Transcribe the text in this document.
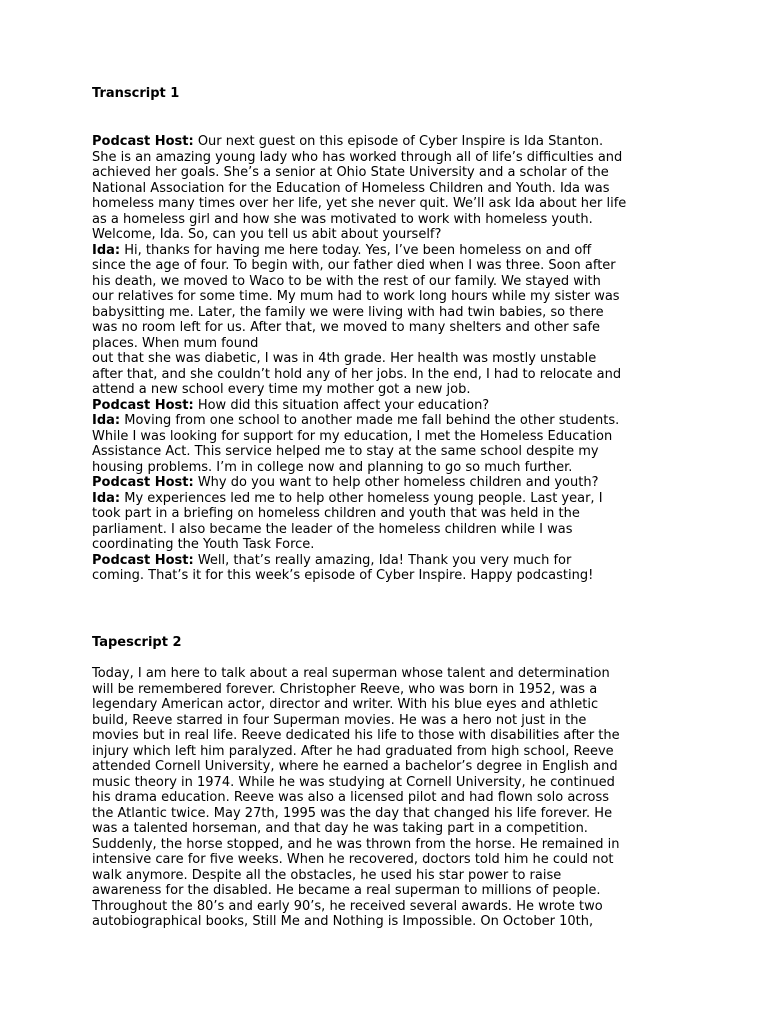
Transcript 1
Podcast Host: Our next guest on this episode of Cyber Inspire is Ida Stanton.
She is an amazing young lady who has worked through all of life’s difficulties and
achieved her goals. She’s a senior at Ohio State University and a scholar of the
National Association for the Education of Homeless Children and Youth. Ida was
homeless many times over her life, yet she never quit. We’ll ask Ida about her life
as a homeless girl and how she was motivated to work with homeless youth.
Welcome, Ida. So, can you tell us abit about yourself?
Ida: Hi, thanks for having me here today. Yes, I’ve been homeless on and off
since the age of four. To begin with, our father died when I was three. Soon after
his death, we moved to Waco to be with the rest of our family. We stayed with
our relatives for some time. My mum had to work long hours while my sister was
babysitting me. Later, the family we were living with had twin babies, so there
was no room left for us. After that, we moved to many shelters and other safe
places. When mum found
out that she was diabetic, I was in 4th grade. Her health was mostly unstable
after that, and she couldn’t hold any of her jobs. In the end, I had to relocate and
attend a new school every time my mother got a new job.
Podcast Host: How did this situation affect your education?
Ida: Moving from one school to another made me fall behind the other students.
While I was looking for support for my education, I met the Homeless Education
Assistance Act. This service helped me to stay at the same school despite my
housing problems. I’m in college now and planning to go so much further.
Podcast Host: Why do you want to help other homeless children and youth?
Ida: My experiences led me to help other homeless young people. Last year, I
took part in a briefing on homeless children and youth that was held in the
parliament. I also became the leader of the homeless children while I was
coordinating the Youth Task Force.
Podcast Host: Well, that’s really amazing, Ida! Thank you very much for
coming. That’s it for this week’s episode of Cyber Inspire. Happy podcasting!
Tapescript 2
Today, I am here to talk about a real superman whose talent and determination
will be remembered forever. Christopher Reeve, who was born in 1952, was a
legendary American actor, director and writer. With his blue eyes and athletic
build, Reeve starred in four Superman movies. He was a hero not just in the
movies but in real life. Reeve dedicated his life to those with disabilities after the
injury which left him paralyzed. After he had graduated from high school, Reeve
attended Cornell University, where he earned a bachelor’s degree in English and
music theory in 1974. While he was studying at Cornell University, he continued
his drama education. Reeve was also a licensed pilot and had flown solo across
the Atlantic twice. May 27th, 1995 was the day that changed his life forever. He
was a talented horseman, and that day he was taking part in a competition.
Suddenly, the horse stopped, and he was thrown from the horse. He remained in
intensive care for five weeks. When he recovered, doctors told him he could not
walk anymore. Despite all the obstacles, he used his star power to raise
awareness for the disabled. He became a real superman to millions of people.
Throughout the 80’s and early 90’s, he received several awards. He wrote two
autobiographical books, Still Me and Nothing is Impossible. On October 10th,
